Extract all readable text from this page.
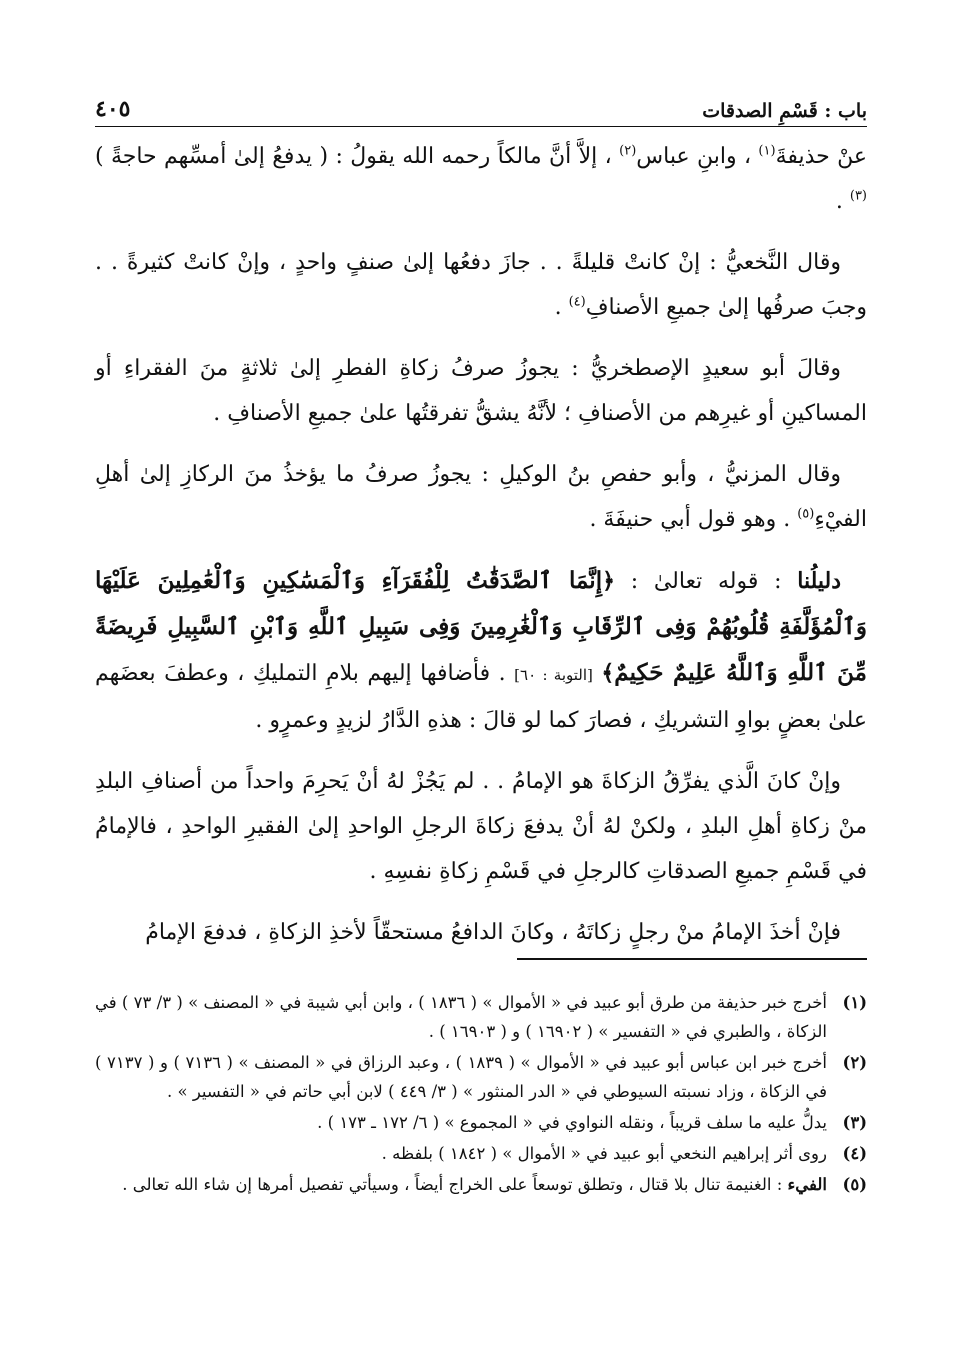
باب : قَسْمِ الصدقات
٤٠٥

عنْ حذيفةَ$^{(١)}$ ، وابنِ عباس$^{(٢)}$ ، إلاَّ أنَّ مالكاً رحمه الله يقولُ : ( يدفعُ إلىٰ أمسِّهم حاجةً )$^{(٣)}$ .

وقال النَّخعيُّ : إنْ كانتْ قليلةً . . جازَ دفعُها إلىٰ صنفٍ واحدٍ ، وإنْ كانتْ كثيرةً . . وجبَ صرفُها إلىٰ جميعِ الأصنافِ$^{(٤)}$ .

وقالَ أبو سعيدٍ الإصطخريُّ : يجوزُ صرفُ زكاةِ الفطرِ إلىٰ ثلاثةٍ منَ الفقراءِ أو المساكينِ أو غيرِهم من الأصنافِ ؛ لأنَّهُ يشقُّ تفرقتُها علىٰ جميعِ الأصنافِ .

وقال المزنيُّ ، وأبو حفصِ بنُ الوكيلِ : يجوزُ صرفُ ما يؤخذُ منَ الركازِ إلىٰ أهلِ الفيْءِ$^{(٥)}$ . وهو قول أبي حنيفَةَ .

دليلُنا : قوله تعالىٰ : ﴿إِنَّمَا ٱلصَّدَقَٰتُ لِلْفُقَرَآءِ وَٱلْمَسَٰكِينِ وَٱلْعَٰمِلِينَ عَلَيْهَا وَٱلْمُؤَلَّفَةِ قُلُوبُهُمْ وَفِى ٱلرِّقَابِ وَٱلْغَٰرِمِينَ وَفِى سَبِيلِ ٱللَّهِ وَٱبْنِ ٱلسَّبِيلِ فَرِيضَةً مِّنَ ٱللَّهِ وَٱللَّهُ عَلِيمٌ حَكِيمٌ﴾ [التوبة : ٦٠] . فأضافها إليهم بلامِ التمليكِ ، وعطفَ بعضَهم علىٰ بعضٍ بواوِ التشريكِ ، فصارَ كما لو قالَ : هذهِ الدَّارُ لزيدٍ وعمرٍو .

وإنْ كانَ الَّذي يفرِّقُ الزكاةَ هو الإمامُ . . لم يَجُزْ لهُ أنْ يَحرِمَ واحداً من أصنافِ البلدِ منْ زكاةِ أهلِ البلدِ ، ولكنْ لهُ أنْ يدفعَ زكاةَ الرجلِ الواحدِ إلىٰ الفقيرِ الواحدِ ، فالإمامُ في قَسْمِ جميعِ الصدقاتِ كالرجلِ في قَسْمِ زكاةِ نفسِهِ .

فإنْ أخذَ الإمامُ منْ رجلٍ زكاتَهُ ، وكانَ الدافعُ مستحقّاً لأخذِ الزكاةِ ، فدفعَ الإمامُ

(١)
أخرج خبر حذيفة من طرق أبو عبيد في « الأموال » ( ١٨٣٦ ) ، وابن أبي شيبة في « المصنف » ( ٣/ ٧٣ ) في الزكاة ، والطبري في « التفسير » ( ١٦٩٠٢ ) و ( ١٦٩٠٣ ) .
(٢)
أخرج خبر ابن عباس أبو عبيد في « الأموال » ( ١٨٣٩ ) ، وعبد الرزاق في « المصنف » ( ٧١٣٦ ) و ( ٧١٣٧ ) في الزكاة ، وزاد نسبته السيوطي في « الدر المنثور » ( ٣/ ٤٤٩ ) لابن أبي حاتم في « التفسير » .
(٣)
يدلُّ عليه ما سلف قريباً ، ونقله النواوي في « المجموع » ( ٦/ ١٧٢ ـ ١٧٣ ) .
(٤)
روى أثر إبراهيم النخعي أبو عبيد في « الأموال » ( ١٨٤٢ ) بلفظه .
(٥)
الفيء : الغنيمة تنال بلا قتال ، وتطلق توسعاً على الخراج أيضاً ، وسيأتي تفصيل أمرها إن شاء الله تعالى .
